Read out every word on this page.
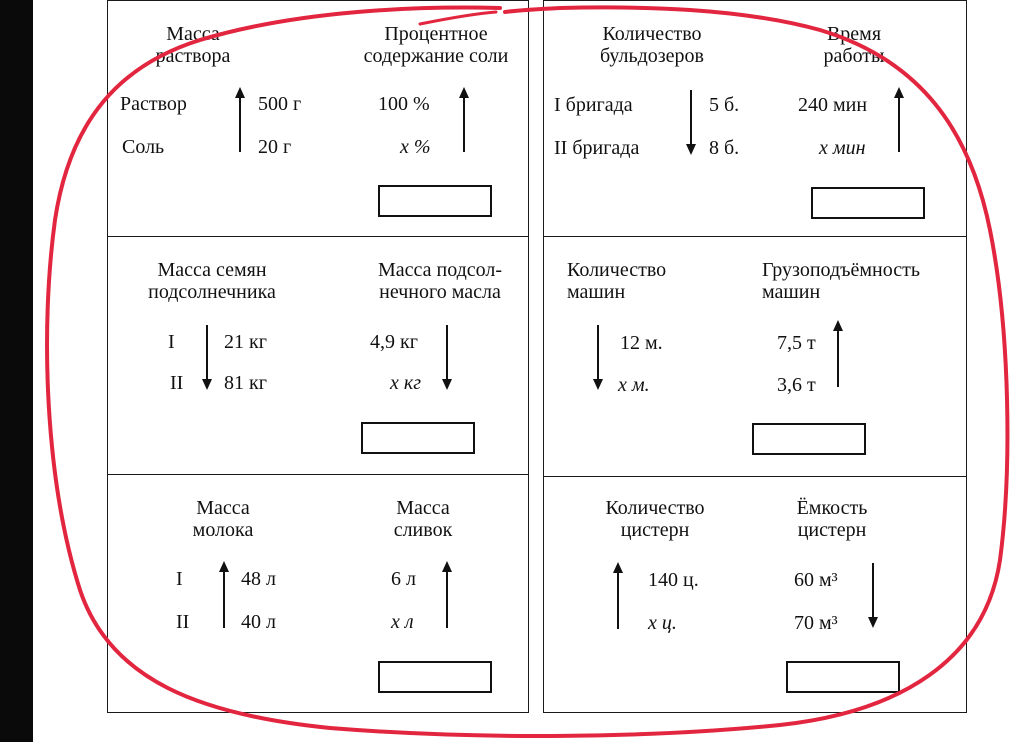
Масса
раствора
Процентное
содержание соли
Раствор
Соль
500 г
20 г
100 %
x %
Масса семян
подсолнечника
Масса подсол-
нечного масла
I
II
21 кг
81 кг
4,9 кг
x кг
Масса
молока
Масса
сливок
I
II
48 л
40 л
6 л
x л
Количество
бульдозеров
Время
работы
I бригада
II бригада
5 б.
8 б.
240 мин
x мин
Количество
машин
Грузоподъёмность
машин
12 м.
x м.
7,5 т
3,6 т
Количество
цистерн
Ёмкость
цистерн
140 ц.
x ц.
60 м³
70 м³
